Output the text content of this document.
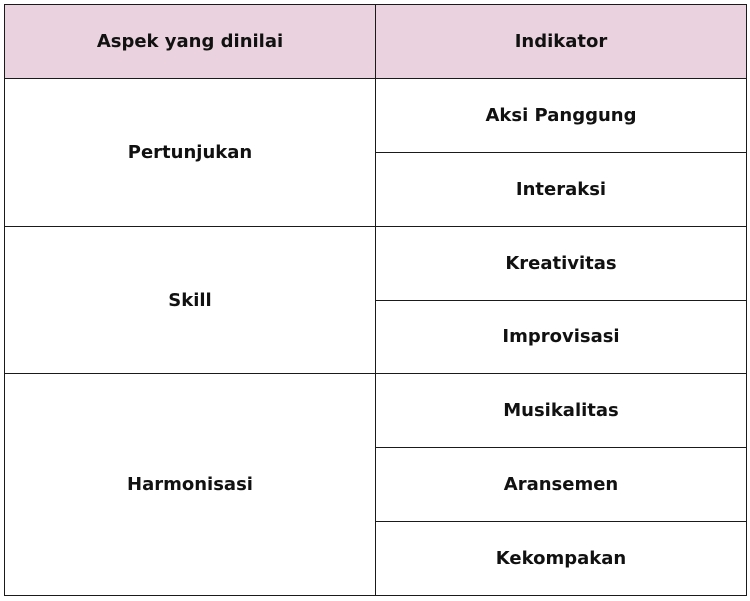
Aspek yang dinilai	Indikator
Pertunjukan	Aksi Panggung
	Interaksi
Skill	Kreativitas
	Improvisasi
Harmonisasi	Musikalitas
	Aransemen
	Kekompakan
